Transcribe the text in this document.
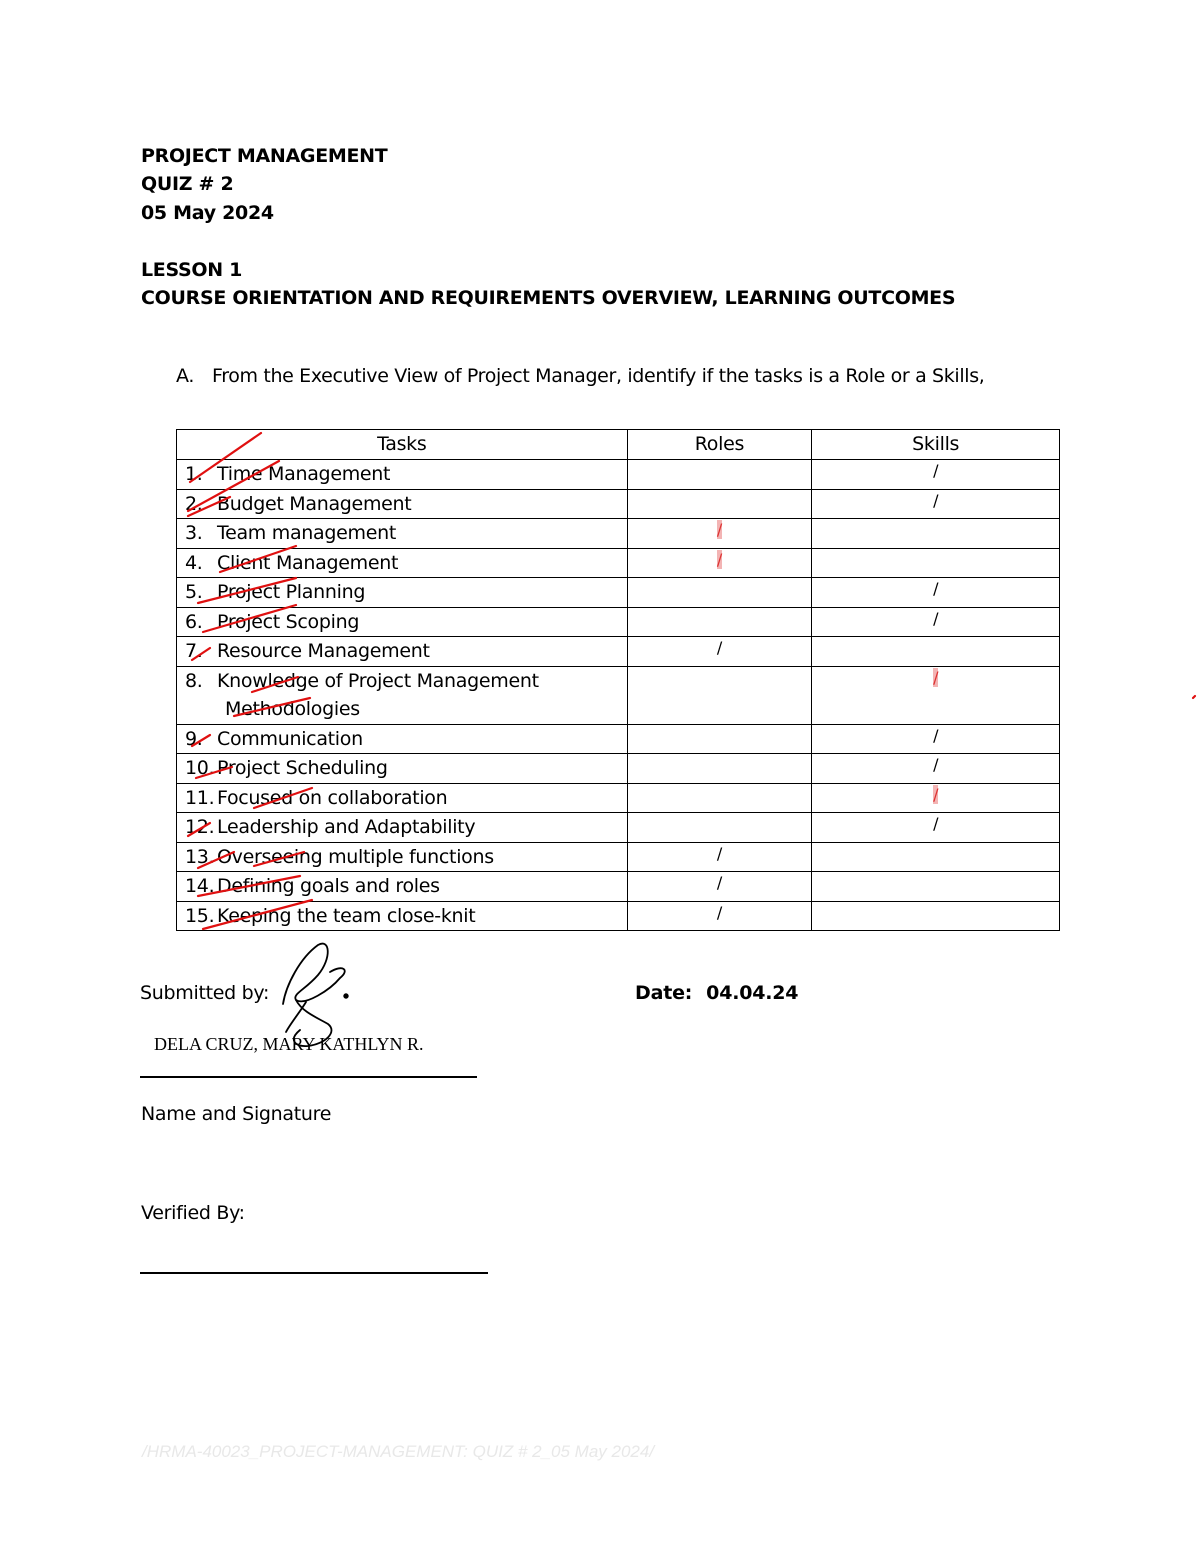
PROJECT MANAGEMENT

QUIZ # 2

05 May 2024

LESSON 1

COURSE ORIENTATION AND REQUIREMENTS OVERVIEW, LEARNING OUTCOMES

A. From the Executive View of Project Manager, identify if the tasks is a Role or a Skills,
Tasks	Roles	Skills
1. Time Management		/
2. Budget Management		/
3. Team management	/	
4. Client Management	/	
5. Project Planning		/
6. Project Scoping		/
7. Resource Management	/	
8. Knowledge of Project Management
Methodologies		/
9. Communication		/
10. Project Scheduling		/
11. Focused on collaboration		/
12. Leadership and Adaptability		/
13. Overseeing multiple functions	/	
14. Defining goals and roles	/	
15. Keeping the team close-knit	/	
Submitted by:	Date: 04.04.24
DELA CRUZ, MARY KATHLYN R.
Name and Signature
Verified By:
/HRMA-40023_PROJECT-MANAGEMENT: QUIZ # 2_05 May 2024/
